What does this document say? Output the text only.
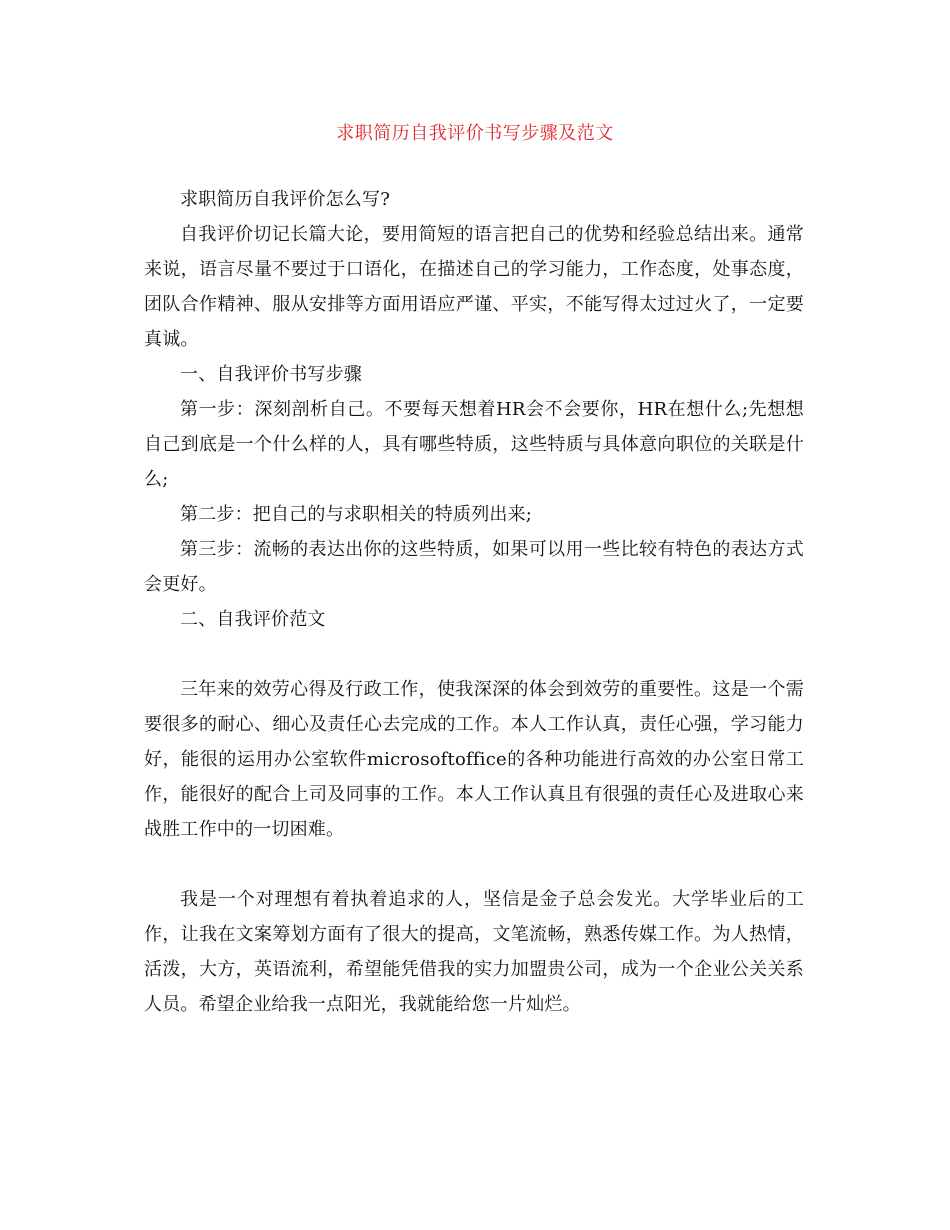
求职简历自我评价书写步骤及范文

求职简历自我评价怎么写?

自我评价切记长篇大论，要用简短的语言把自己的优势和经验总结出来。通常来说，语言尽量不要过于口语化，在描述自己的学习能力，工作态度，处事态度，团队合作精神、服从安排等方面用语应严谨、平实，不能写得太过过火了，一定要真诚。

一、自我评价书写步骤

第一步：深刻剖析自己。不要每天想着HR会不会要你，HR在想什么;先想想自己到底是一个什么样的人，具有哪些特质，这些特质与具体意向职位的关联是什么;

第二步：把自己的与求职相关的特质列出来;

第三步：流畅的表达出你的这些特质，如果可以用一些比较有特色的表达方式会更好。

二、自我评价范文

三年来的效劳心得及行政工作，使我深深的体会到效劳的重要性。这是一个需要很多的耐心、细心及责任心去完成的工作。本人工作认真，责任心强，学习能力好，能很的运用办公室软件microsoftoffice的各种功能进行高效的办公室日常工作，能很好的配合上司及同事的工作。本人工作认真且有很强的责任心及进取心来战胜工作中的一切困难。

我是一个对理想有着执着追求的人，坚信是金子总会发光。大学毕业后的工作，让我在文案筹划方面有了很大的提高，文笔流畅，熟悉传媒工作。为人热情，活泼，大方，英语流利，希望能凭借我的实力加盟贵公司，成为一个企业公关关系人员。希望企业给我一点阳光，我就能给您一片灿烂。
